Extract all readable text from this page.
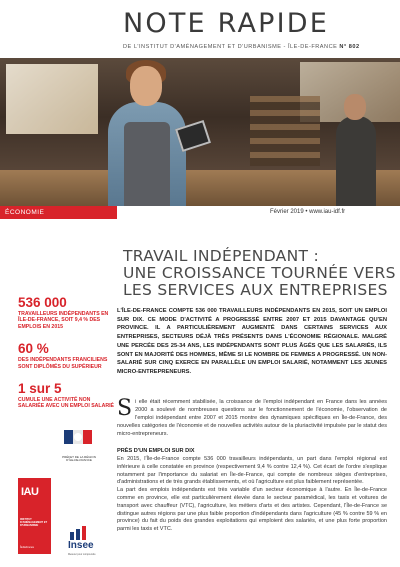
NOTE RAPIDE
DE L'INSTITUT D'AMÉNAGEMENT ET D'URBANISME - ÎLE-DE-FRANCE N° 802
ÉCONOMIE	Février 2019 • www.iau-idf.fr
TRAVAIL INDÉPENDANT :
UNE CROISSANCE TOURNÉE VERS
LES SERVICES AUX ENTREPRISES
536 000
TRAVAILLEURS INDÉPENDANTS EN ÎLE-DE-FRANCE, SOIT 9,4 % DES EMPLOIS EN 2015
60 %
DES INDÉPENDANTS FRANCILIENS SONT DIPLÔMÉS DU SUPÉRIEUR
1 sur 5
CUMULE UNE ACTIVITÉ NON SALARIÉE AVEC UN EMPLOI SALARIÉ
L'ÎLE-DE-FRANCE COMPTE 536 000 TRAVAILLEURS INDÉPENDANTS EN 2015, SOIT UN EMPLOI SUR DIX. CE MODE D'ACTIVITÉ A PROGRESSÉ ENTRE 2007 ET 2015 DAVANTAGE QU'EN PROVINCE. IL A PARTICULIÈREMENT AUGMENTÉ DANS CERTAINS SERVICES AUX ENTREPRISES, SECTEURS DÉJÀ TRÈS PRÉSENTS DANS L'ÉCONOMIE RÉGIONALE. MALGRÉ UNE PERCÉE DES 25-34 ANS, LES INDÉPENDANTS SONT PLUS ÂGÉS QUE LES SALARIÉS, ILS SONT EN MAJORITÉ DES HOMMES, MÊME SI LE NOMBRE DE FEMMES A PROGRESSÉ. UN NON-SALARIÉ SUR CINQ EXERCE EN PARALLÈLE UN EMPLOI SALARIÉ, NOTAMMENT LES JEUNES MICRO-ENTREPRENEURS.
Si elle était récemment stabilisée, la croissance de l'emploi indépendant en France dans les années 2000 a soulevé de nombreuses questions sur le fonctionnement de l'économie, l'observation de l'emploi indépendant entre 2007 et 2015 montre des dynamiques spécifiques en Île-de-France, des nouvelles catégories de l'économie et de nouvelles activités autour de la pluriactivité impulsée par le statut des micro-entrepreneurs.
PRÈS D'UN EMPLOI SUR DIX

En 2015, l'Île-de-France compte 536 000 travailleurs indépendants, un part dans l'emploi régional est inférieure à celle constatée en province (respectivement 9,4 % contre 12,4 %). Cet écart de l'ordre s'explique notamment par l'importance du salariat en Île-de-France, qui compte de nombreux sièges d'entreprises, d'administrations et de très grands établissements, et où l'agriculture est plus faiblement représentée.

La part des emplois indépendants est très variable d'un secteur économique à l'autre. En Île-de-France comme en province, elle est particulièrement élevée dans le secteur paramédical, les taxis et voitures de transport avec chauffeur (VTC), l'agriculture, les métiers d'arts et des artistes. Cependant, l'Île-de-France se distingue autres régions par une plus faible proportion d'indépendants dans l'agriculture (45 % contre 59 % en province) du fait du poids des grandes exploitations qui emploient des salariés, et une plus forte proportion parmi les taxis et VTC.

PRÉFET DE LA RÉGION D'ÎLE-DE-FRANCE
IAU
INSTITUT D'AMÉNAGEMENT ET D'URBANISME
ÎleDeFrance	Insee
Mesurer pour comprendre
